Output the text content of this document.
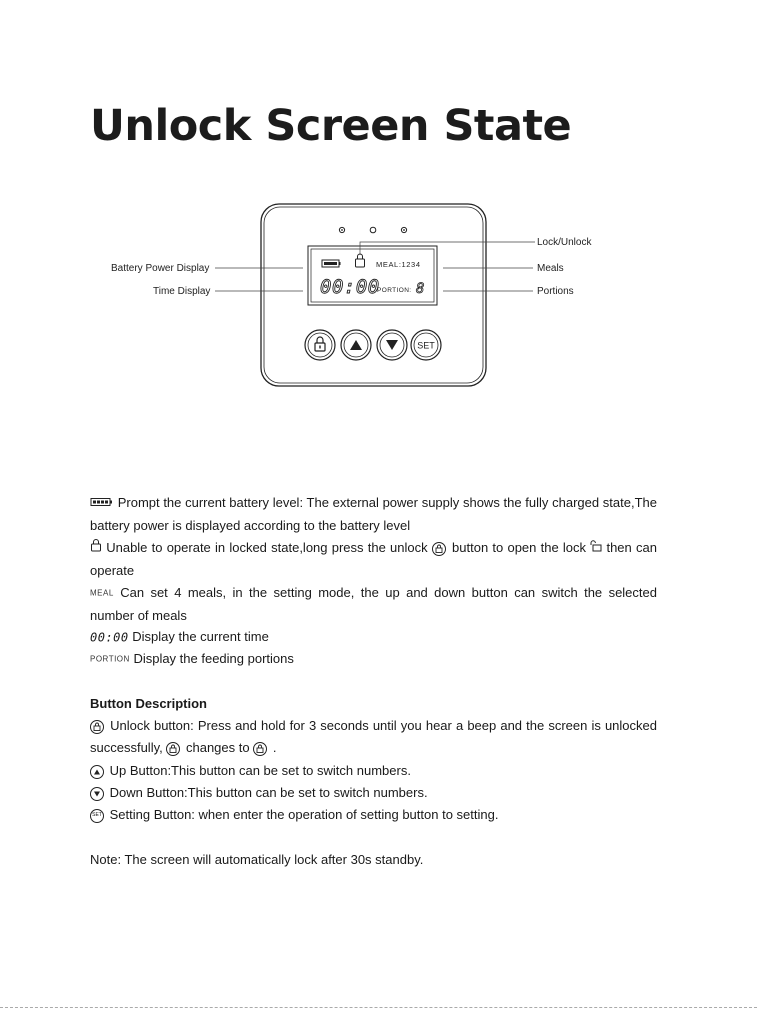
Unlock Screen State
MEAL:1234
00:00
PORTION: 8
SET
Battery Power Display
Time Display
Lock/Unlock
Meals
Portions
Prompt the current battery level: The external power supply shows the fully charged state,The battery power is displayed according to the battery level
Unable to operate in locked state,long press the unlock button to open the lock then can operate
MEAL Can set 4 meals, in the setting mode, the up and down button can switch the selected number of meals
00:00 Display the current time
PORTION Display the feeding portions
Button Description
Unlock button: Press and hold for 3 seconds until you hear a beep and the screen is unlocked successfully, changes to .
Up Button:This button can be set to switch numbers.
Down Button:This button can be set to switch numbers.
SET Setting Button: when enter the operation of setting button to setting.
Note: The screen will automatically lock after 30s standby.
